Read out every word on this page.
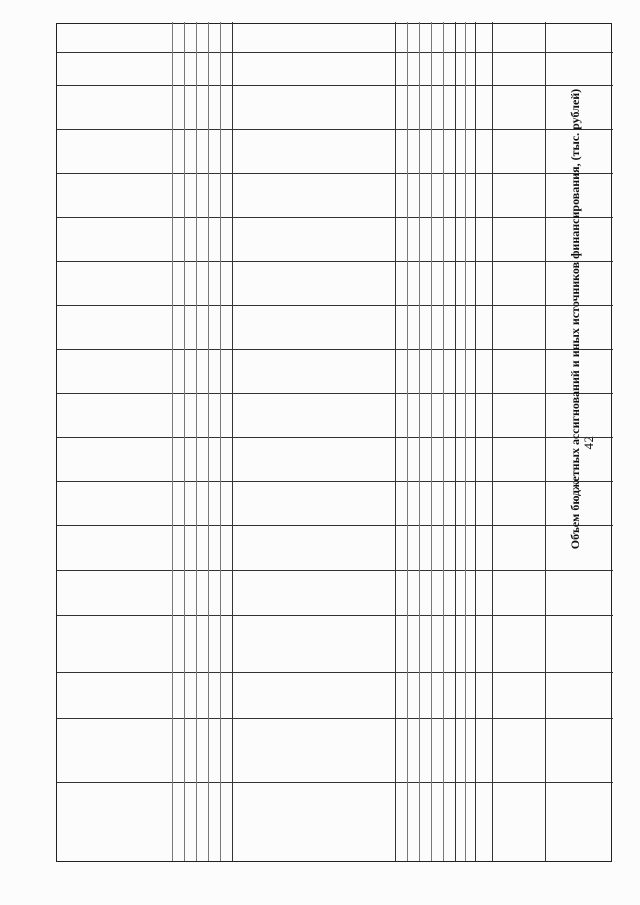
42
Объем бюджетных ассигнований и иных источников финансирования, (тыс. рублей)
